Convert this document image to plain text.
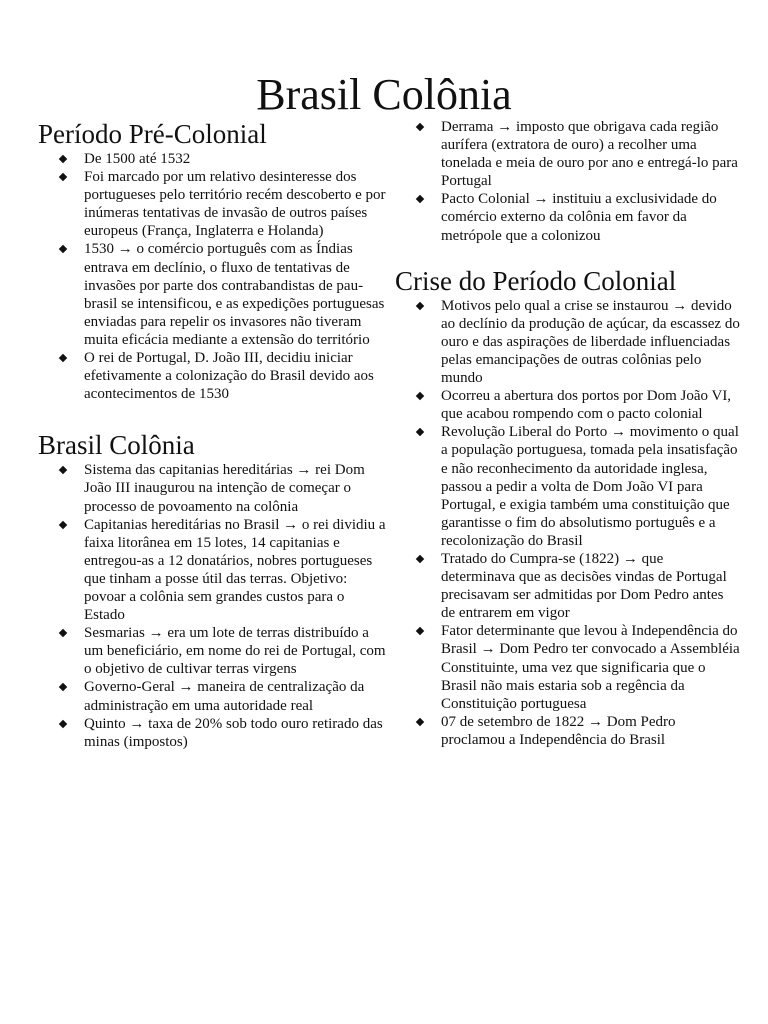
Brasil Colônia
Período Pré-Colonial
De 1500 até 1532
Foi marcado por um relativo desinteresse dos portugueses pelo território recém descoberto e por inúmeras tentativas de invasão de outros países europeus (França, Inglaterra e Holanda)
1530 → o comércio português com as Índias entrava em declínio, o fluxo de tentativas de invasões por parte dos contrabandistas de pau-brasil se intensificou, e as expedições portuguesas enviadas para repelir os invasores não tiveram muita eficácia mediante a extensão do território
O rei de Portugal, D. João III, decidiu iniciar efetivamente a colonização do Brasil devido aos acontecimentos de 1530
Brasil Colônia
Sistema das capitanias hereditárias → rei Dom João III inaugurou na intenção de começar o processo de povoamento na colônia
Capitanias hereditárias no Brasil → o rei dividiu a faixa litorânea em 15 lotes, 14 capitanias e entregou-as a 12 donatários, nobres portugueses que tinham a posse útil das terras. Objetivo: povoar a colônia sem grandes custos para o Estado
Sesmarias → era um lote de terras distribuído a um beneficiário, em nome do rei de Portugal, com o objetivo de cultivar terras virgens
Governo-Geral → maneira de centralização da administração em uma autoridade real
Quinto → taxa de 20% sob todo ouro retirado das minas (impostos)
Derrama → imposto que obrigava cada região aurífera (extratora de ouro) a recolher uma tonelada e meia de ouro por ano e entregá-lo para Portugal
Pacto Colonial → instituiu a exclusividade do comércio externo da colônia em favor da metrópole que a colonizou
Crise do Período Colonial
Motivos pelo qual a crise se instaurou → devido ao declínio da produção de açúcar, da escassez do ouro e das aspirações de liberdade influenciadas pelas emancipações de outras colônias pelo mundo
Ocorreu a abertura dos portos por Dom João VI, que acabou rompendo com o pacto colonial
Revolução Liberal do Porto → movimento o qual a população portuguesa, tomada pela insatisfação e não reconhecimento da autoridade inglesa, passou a pedir a volta de Dom João VI para Portugal, e exigia também uma constituição que garantisse o fim do absolutismo português e a recolonização do Brasil
Tratado do Cumpra-se (1822) → que determinava que as decisões vindas de Portugal precisavam ser admitidas por Dom Pedro antes de entrarem em vigor
Fator determinante que levou à Independência do Brasil → Dom Pedro ter convocado a Assembléia Constituinte, uma vez que significaria que o Brasil não mais estaria sob a regência da Constituição portuguesa
07 de setembro de 1822 → Dom Pedro proclamou a Independência do Brasil
